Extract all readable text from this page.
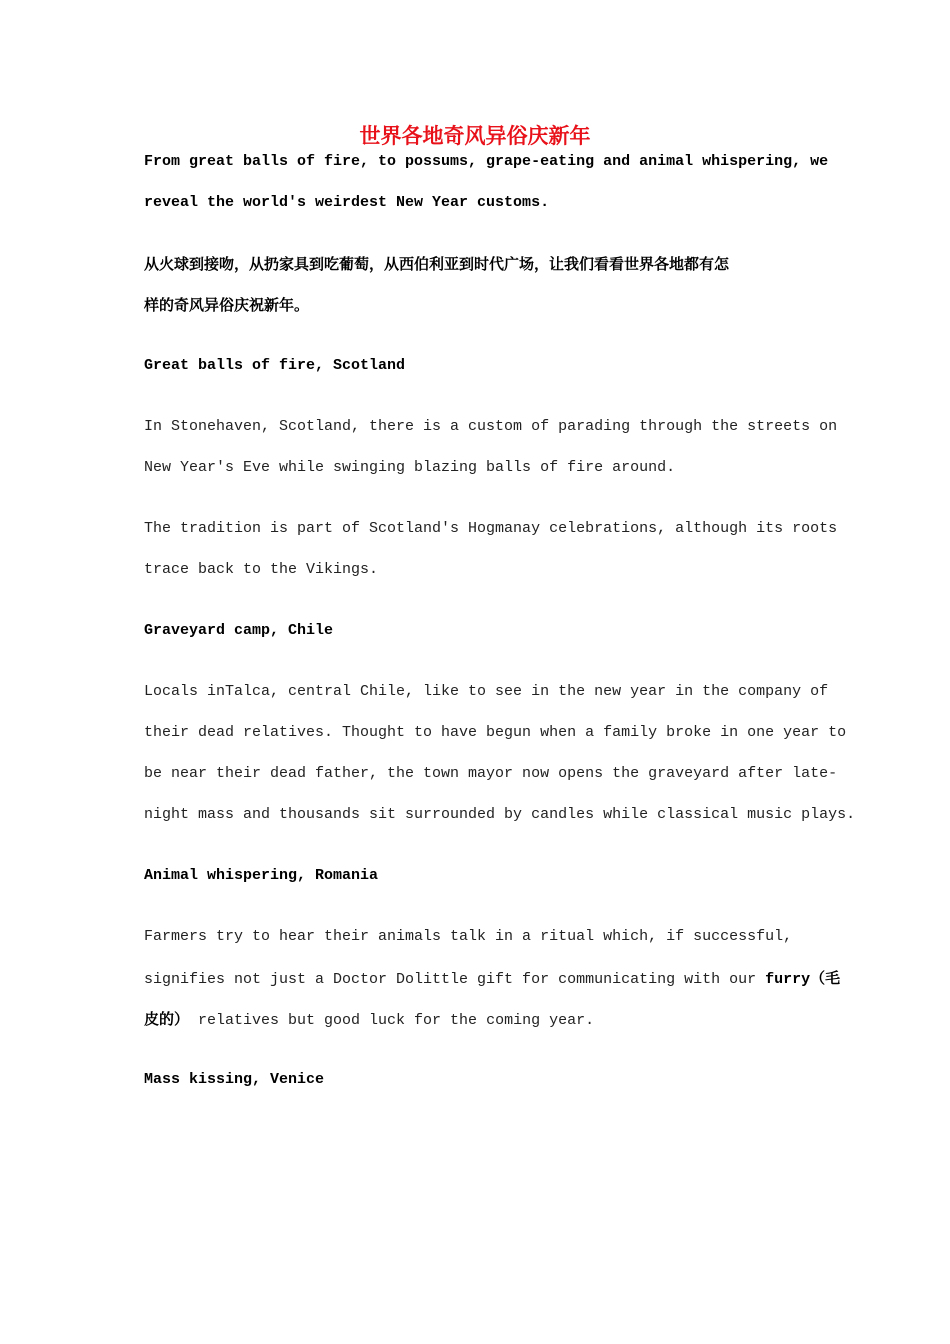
世界各地奇风异俗庆新年

From great balls of fire, to possums, grape-eating and animal whispering, we

reveal the world's weirdest New Year customs.

从火球到接吻，从扔家具到吃葡萄，从西伯利亚到时代广场，让我们看看世界各地都有怎

样的奇风异俗庆祝新年。

Great balls of fire, Scotland

In Stonehaven, Scotland, there is a custom of parading through the streets on

New Year's Eve while swinging blazing balls of fire around.

The tradition is part of Scotland's Hogmanay celebrations, although its roots

trace back to the Vikings.

Graveyard camp, Chile

Locals inTalca, central Chile, like to see in the new year in the company of

their dead relatives. Thought to have begun when a family broke in one year to

be near their dead father, the town mayor now opens the graveyard after late-

night mass and thousands sit surrounded by candles while classical music plays.

Animal whispering, Romania

Farmers try to hear their animals talk in a ritual which, if successful,

signifies not just a Doctor Dolittle gift for communicating with our furry（毛

皮的） relatives but good luck for the coming year.

Mass kissing, Venice
